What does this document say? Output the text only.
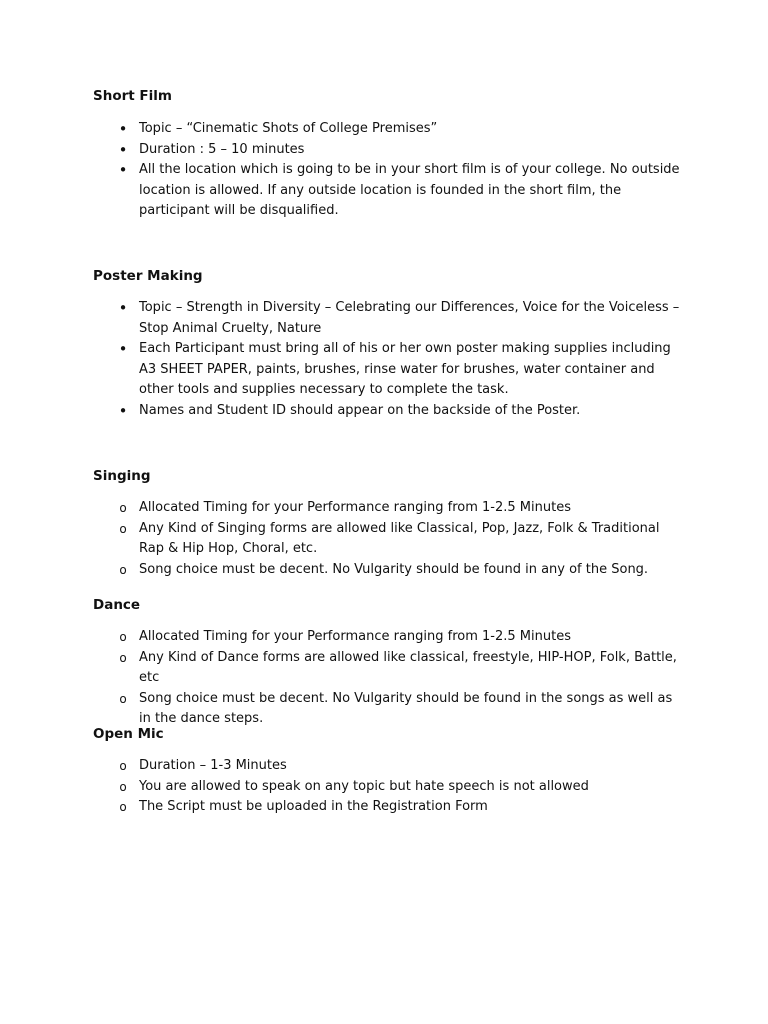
Short Film
•
Topic – “Cinematic Shots of College Premises”
•
Duration : 5 – 10 minutes
•
All the location which is going to be in your short film is of your college. No outside location is allowed. If any outside location is founded in the short film, the participant will be disqualified.
Poster Making
•
Topic – Strength in Diversity – Celebrating our Differences, Voice for the Voiceless – Stop Animal Cruelty, Nature
•
Each Participant must bring all of his or her own poster making supplies including A3 SHEET PAPER, paints, brushes, rinse water for brushes, water container and other tools and supplies necessary to complete the task.
•
Names and Student ID should appear on the backside of the Poster.
Singing
o
Allocated Timing for your Performance ranging from 1-2.5 Minutes
o
Any Kind of Singing forms are allowed like Classical, Pop, Jazz, Folk & Traditional Rap & Hip Hop, Choral, etc.
o
Song choice must be decent. No Vulgarity should be found in any of the Song.
Dance
o
Allocated Timing for your Performance ranging from 1-2.5 Minutes
o
Any Kind of Dance forms are allowed like classical, freestyle, HIP-HOP, Folk, Battle, etc
o
Song choice must be decent. No Vulgarity should be found in the songs as well as in the dance steps.
Open Mic
o
Duration – 1-3 Minutes
o
You are allowed to speak on any topic but hate speech is not allowed
o
The Script must be uploaded in the Registration Form
